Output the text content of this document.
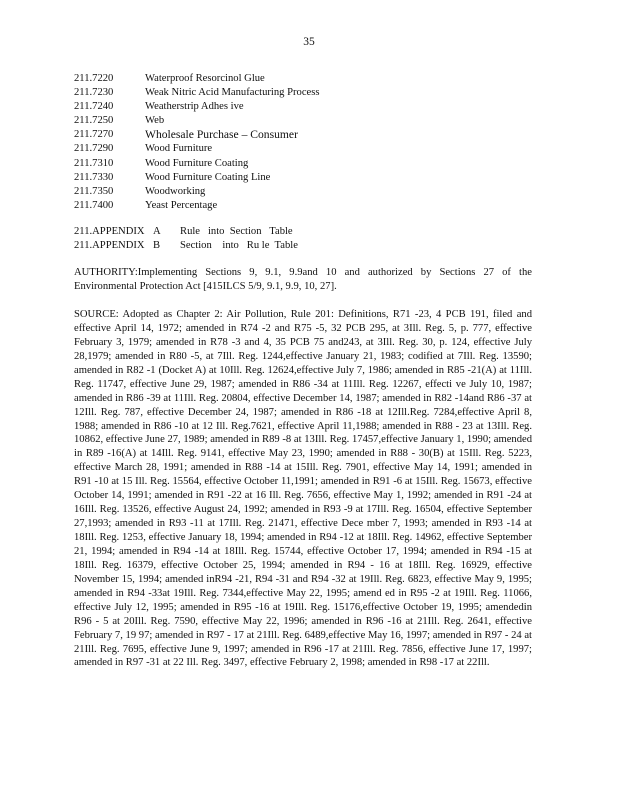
35
211.7220	Waterproof Resorcinol Glue
211.7230	Weak Nitric Acid Manufacturing Process
211.7240	Weatherstrip Adhes ive
211.7250	Web
211.7270	Wholesale Purchase – Consumer
211.7290	Wood Furniture
211.7310	Wood Furniture Coating
211.7330	Wood Furniture Coating Line
211.7350	Woodworking
211.7400	Yeast Percentage
211.APPENDIX A	Rule   into  Section   Table
211.APPENDIX B	Section    into   Ru le  Table

AUTHORITY:Implementing Sections 9, 9.1, 9.9and 10 and authorized by Sections 27 of the Environmental Protection Act [415ILCS 5/9, 9.1, 9.9, 10, 27].

SOURCE: Adopted as Chapter 2: Air Pollution, Rule 201: Definitions, R71 -23, 4 PCB 191, filed and effective April 14, 1972; amended in R74 -2 and R75 -5, 32 PCB 295, at 3Ill. Reg. 5, p. 777, effective February 3, 1979; amended in R78 -3 and 4, 35 PCB 75 and243, at 3Ill. Reg. 30, p. 124, effective July 28,1979; amended in R80 -5, at 7Ill. Reg. 1244,effective January 21, 1983; codified at 7Ill. Reg. 13590; amended in R82 -1 (Docket A) at 10Ill. Reg. 12624,effective July 7, 1986; amended in R85 -21(A) at 11Ill. Reg. 11747, effective June 29, 1987; amended in R86 -34 at 11Ill. Reg. 12267, effecti ve July 10, 1987; amended in R86 -39 at 11Ill. Reg. 20804, effective December 14, 1987; amended in R82 -14and R86 -37 at 12Ill. Reg. 787, effective December 24, 1987; amended in R86 -18 at 12Ill.Reg. 7284,effective April 8, 1988; amended in R86 -10 at 12 Ill. Reg.7621, effective April 11,1988; amended in R88 - 23 at 13Ill. Reg. 10862, effective June 27, 1989; amended in R89 -8 at 13Ill. Reg. 17457,effective January 1, 1990; amended in R89 -16(A) at 14Ill. Reg. 9141, effective May 23, 1990; amended in R88 - 30(B) at 15Ill. Reg. 5223, effective March 28, 1991; amended in R88 -14 at 15Ill. Reg. 7901, effective May 14, 1991; amended in R91 -10 at 15 Ill. Reg. 15564, effective October 11,1991; amended in R91 -6 at 15Ill. Reg. 15673, effective October 14, 1991; amended in R91 -22 at 16 Ill. Reg. 7656, effective May 1, 1992; amended in R91 -24 at 16Ill. Reg. 13526, effective August 24, 1992; amended in R93 -9 at 17Ill. Reg. 16504, effective September 27,1993; amended in R93 -11 at 17Ill. Reg. 21471, effective Dece mber 7, 1993; amended in R93 -14 at 18Ill. Reg. 1253, effective January 18, 1994; amended in R94 -12 at 18Ill. Reg. 14962, effective September 21, 1994; amended in R94 -14 at 18Ill. Reg. 15744, effective October 17, 1994; amended in R94 -15 at 18Ill. Reg. 16379, effective October 25, 1994; amended in R94 - 16 at 18Ill. Reg. 16929, effective November 15, 1994; amended inR94 -21, R94 -31 and R94 -32 at 19Ill. Reg. 6823, effective May 9, 1995; amended in R94 -33at 19Ill. Reg. 7344,effective May 22, 1995; amend ed in R95 -2 at 19Ill. Reg. 11066, effective July 12, 1995; amended in R95 -16 at 19Ill. Reg. 15176,effective October 19, 1995; amendedin R96 - 5 at 20Ill. Reg. 7590, effective May 22, 1996; amended in R96 -16 at 21Ill. Reg. 2641, effective February 7, 19 97; amended in R97 - 17 at 21Ill. Reg. 6489,effective May 16, 1997; amended in R97 - 24 at 21Ill. Reg. 7695, effective June 9, 1997; amended in R96 -17 at 21Ill. Reg. 7856, effective June 17, 1997; amended in R97 -31 at 22 Ill. Reg. 3497, effective February 2, 1998; amended in R98 -17 at 22Ill.
